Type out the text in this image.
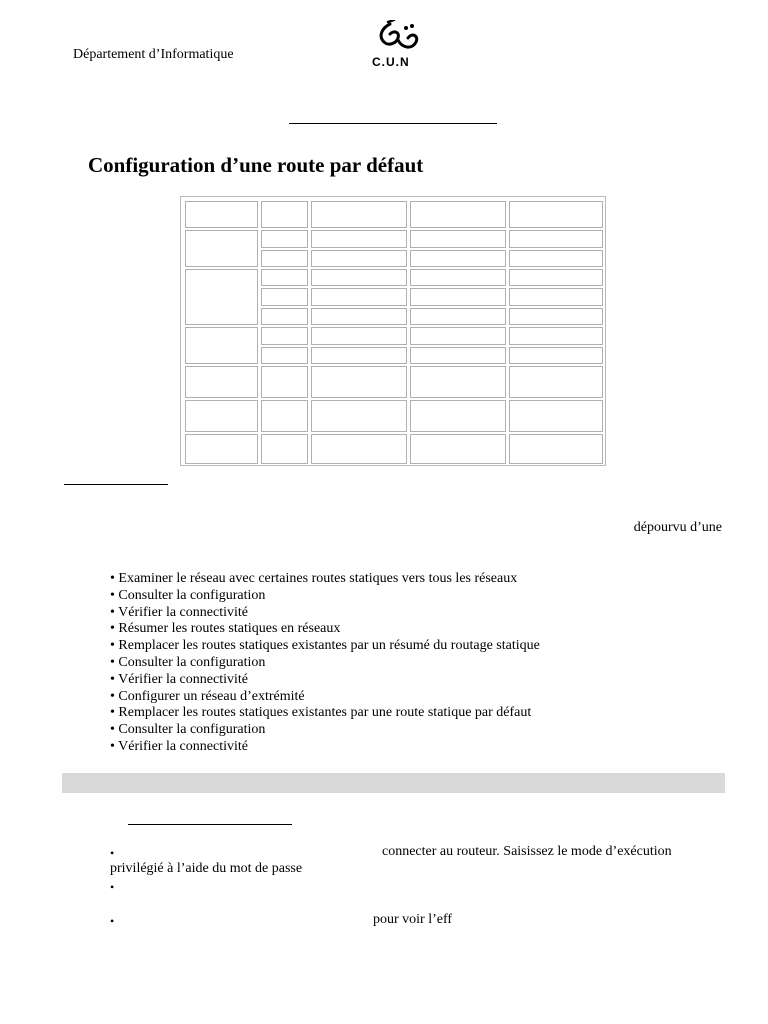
Département d’Informatique	C.U.N
Configuration d’une route par défaut
dépourvu d’une
• Examiner le réseau avec certaines routes statiques vers tous les réseaux
• Consulter la configuration
• Vérifier la connectivité
• Résumer les routes statiques en réseaux
• Remplacer les routes statiques existantes par un résumé du routage statique
• Consulter la configuration
• Vérifier la connectivité
• Configurer un réseau d’extrémité
• Remplacer les routes statiques existantes par une route statique par défaut
• Consulter la configuration
• Vérifier la connectivité
•	connecter au routeur. Saisissez le mode d’exécution
privilégié à l’aide du mot de passe
•
•	pour voir l’eff
